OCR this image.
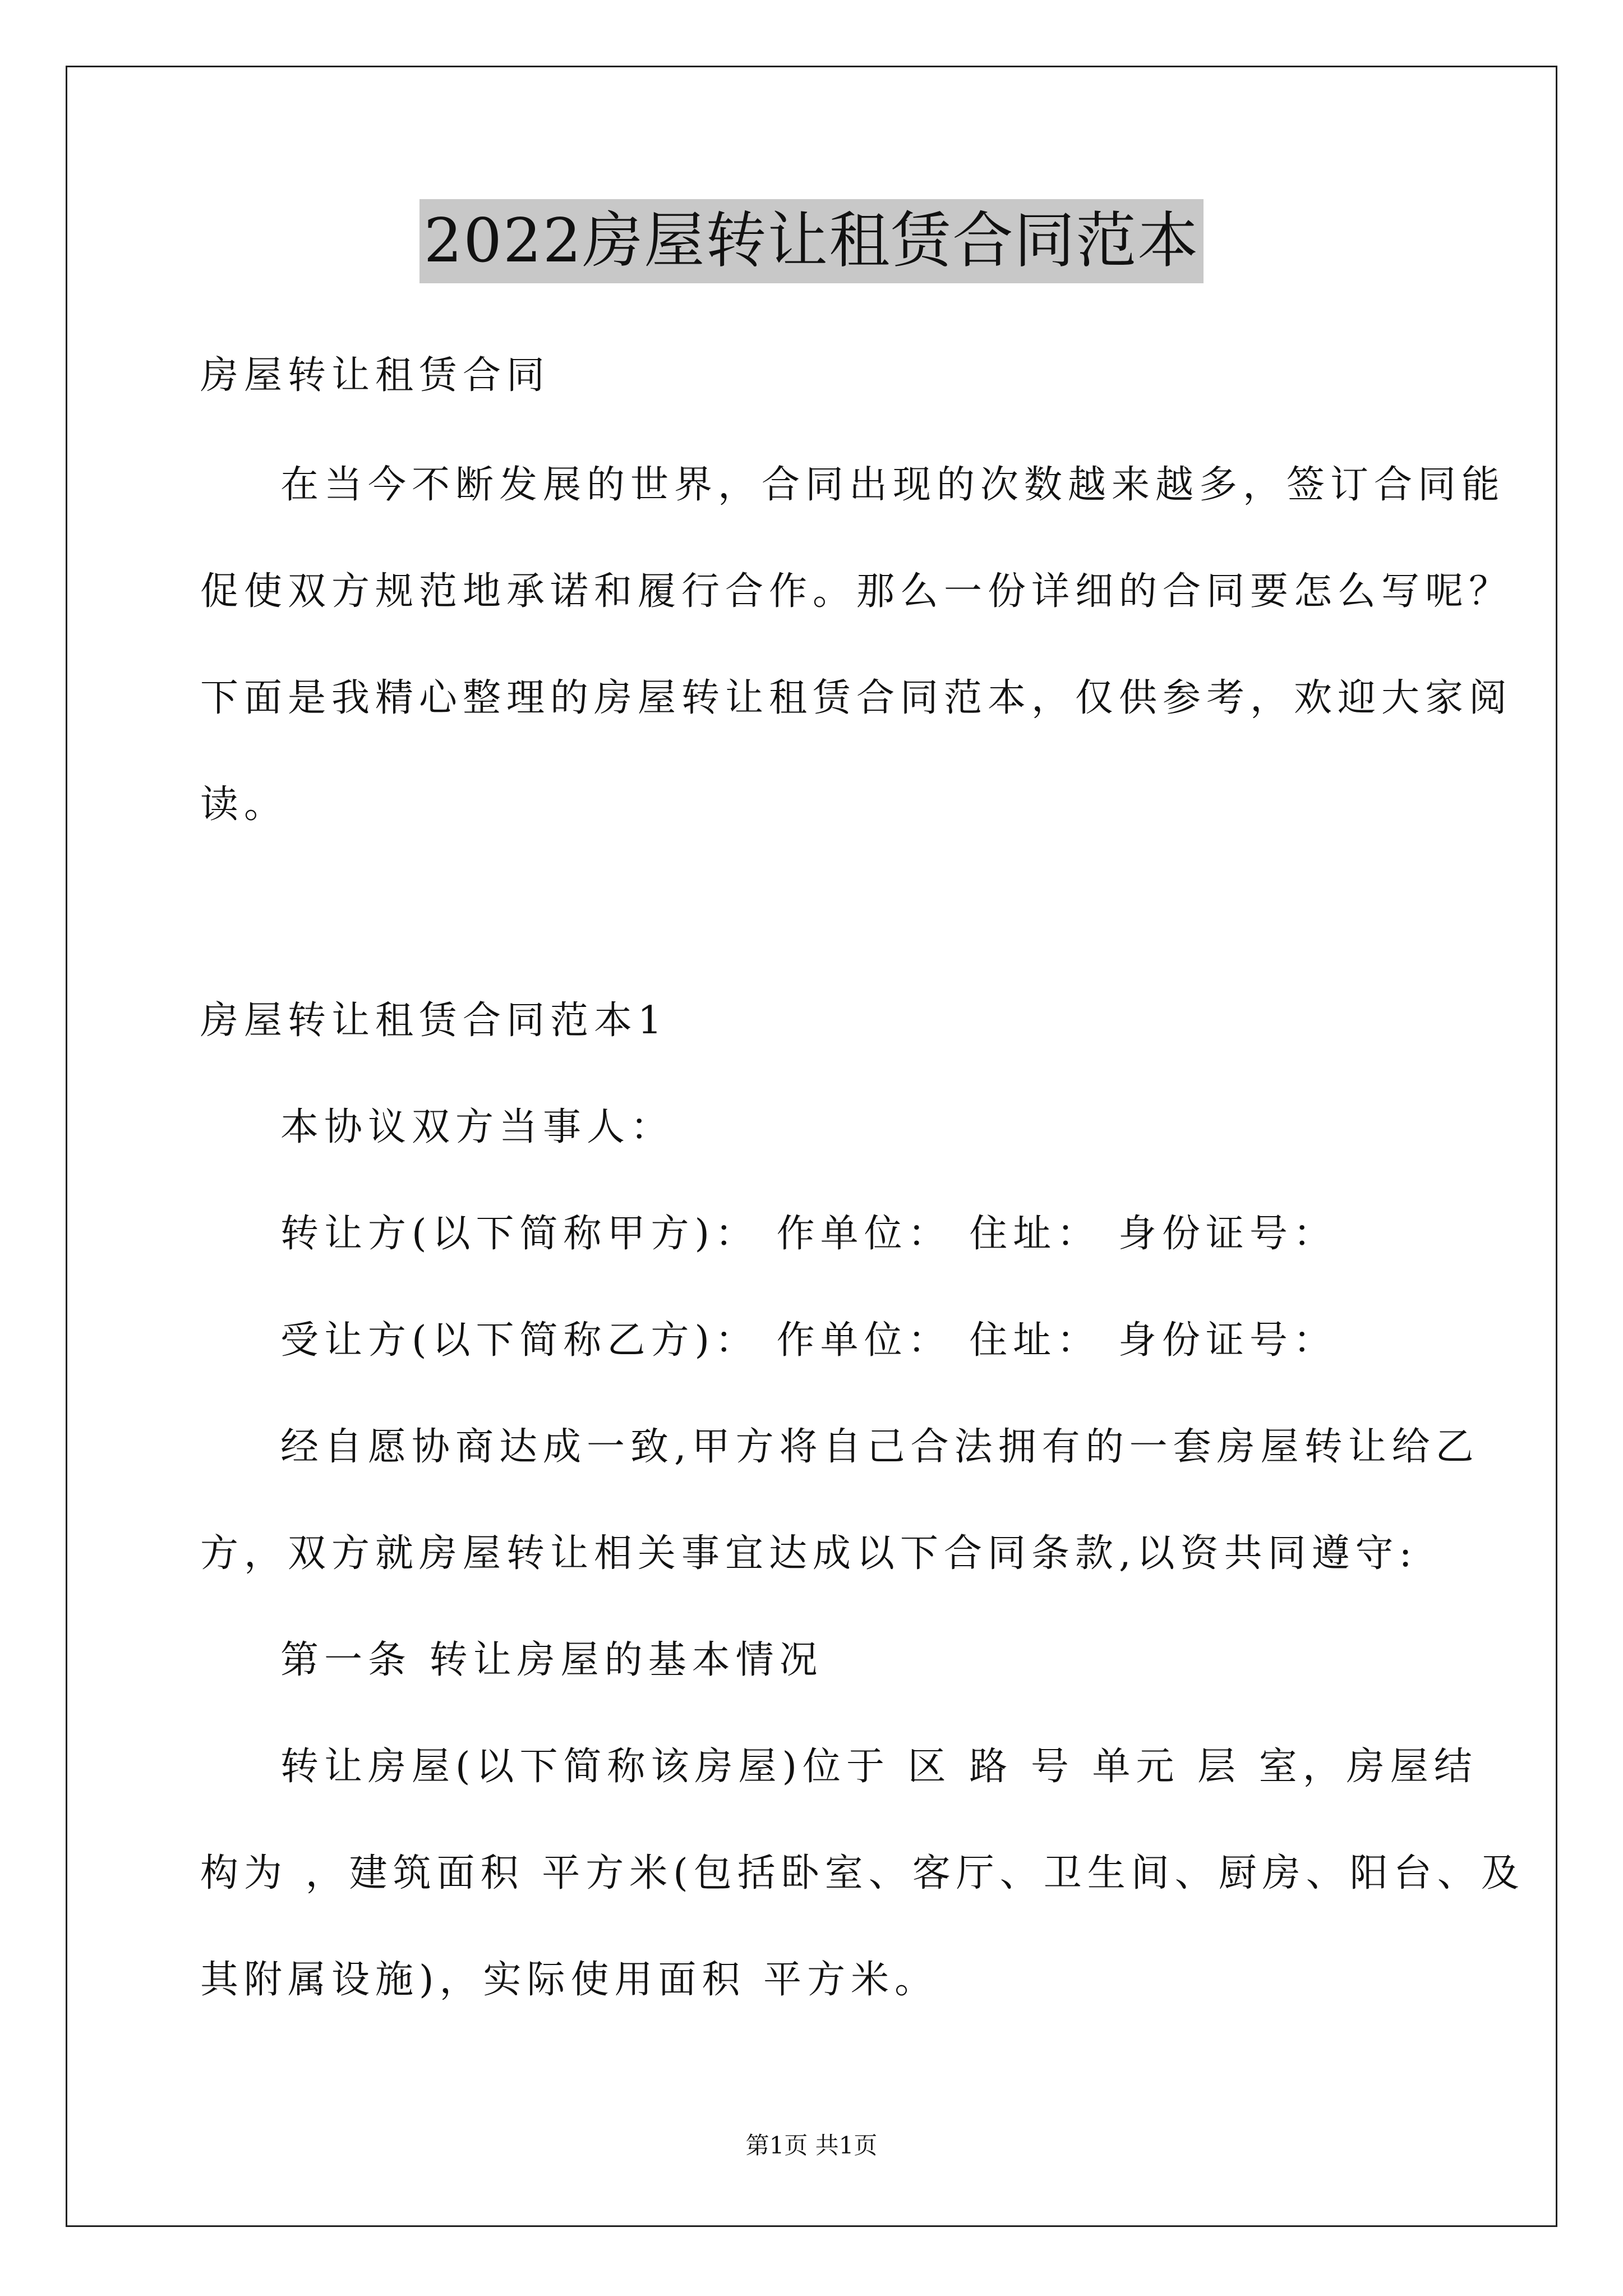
2022房屋转让租赁合同范本
房屋转让租赁合同
在当今不断发展的世界，合同出现的次数越来越多，签订合同能
促使双方规范地承诺和履行合作。那么一份详细的合同要怎么写呢？
下面是我精心整理的房屋转让租赁合同范本，仅供参考，欢迎大家阅
读。
房屋转让租赁合同范本1
本协议双方当事人：
转让方(以下简称甲方)： 作单位： 住址： 身份证号：
受让方(以下简称乙方)： 作单位： 住址： 身份证号：
经自愿协商达成一致,甲方将自己合法拥有的一套房屋转让给乙
方，双方就房屋转让相关事宜达成以下合同条款,以资共同遵守:
第一条 转让房屋的基本情况
转让房屋(以下简称该房屋)位于 区 路 号 单元 层 室，房屋结
构为 ，建筑面积 平方米(包括卧室、客厅、卫生间、厨房、阳台、及
其附属设施)，实际使用面积 平方米。
第1页 共1页
